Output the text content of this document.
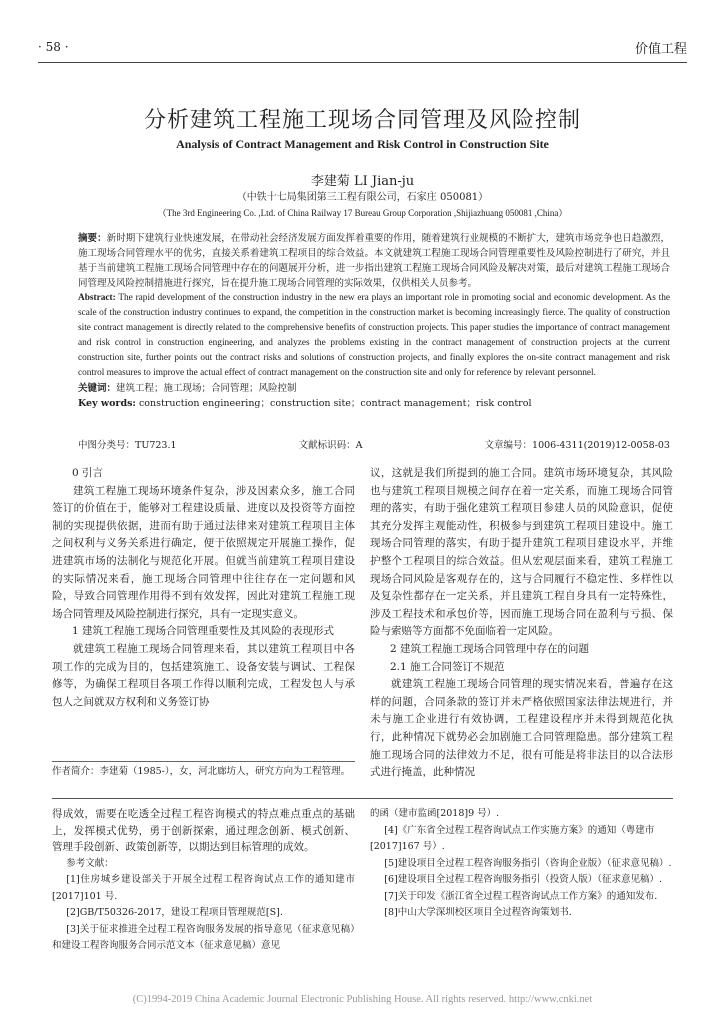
· 58 ·	价值工程
分析建筑工程施工现场合同管理及风险控制
Analysis of Contract Management and Risk Control in Construction Site
李建菊 LI Jian-ju
（中铁十七局集团第三工程有限公司，石家庄 050081）
（The 3rd Engineering Co. ,Ltd. of China Railway 17 Bureau Group Corporation ,Shijiazhuang 050081 ,China）

摘要：新时期下建筑行业快速发展，在带动社会经济发展方面发挥着重要的作用，随着建筑行业规模的不断扩大，建筑市场竞争也日趋激烈，施工现场合同管理水平的优劣，直接关系着建筑工程项目的综合效益。本文就建筑工程施工现场合同管理重要性及风险控制进行了研究，并且基于当前建筑工程施工现场合同管理中存在的问题展开分析，进一步指出建筑工程施工现场合同风险及解决对策，最后对建筑工程施工现场合同管理及风险控制措施进行探究，旨在提升施工现场合同管理的实际效果，仅供相关人员参考。

Abstract: The rapid development of the construction industry in the new era plays an important role in promoting social and economic development. As the scale of the construction industry continues to expand, the competition in the construction market is becoming increasingly fierce. The quality of construction site contract management is directly related to the comprehensive benefits of construction projects. This paper studies the importance of contract management and risk control in construction engineering, and analyzes the problems existing in the contract management of construction projects at the current construction site, further points out the contract risks and solutions of construction projects, and finally explores the on-site contract management and risk control measures to improve the actual effect of contract management on the construction site and only for reference by relevant personnel.

关键词：建筑工程；施工现场；合同管理；风险控制

Key words: construction engineering；construction site；contract management；risk control

中图分类号：TU723.1	文献标识码：A	文章编号：1006-4311(2019)12-0058-03

0 引言

建筑工程施工现场环境条件复杂，涉及因素众多，施工合同签订的价值在于，能够对工程建设质量、进度以及投资等方面控制的实现提供依据，进而有助于通过法律来对建筑工程项目主体之间权利与义务关系进行确定，便于依照规定开展施工操作，促进建筑市场的法制化与规范化开展。但就当前建筑工程项目建设的实际情况来看，施工现场合同管理中往往存在一定问题和风险，导致合同管理作用得不到有效发挥，因此对建筑工程施工现场合同管理及风险控制进行探究，具有一定现实意义。

1 建筑工程施工现场合同管理重要性及其风险的表现形式

就建筑工程施工现场合同管理来看，其以建筑工程项目中各项工作的完成为目的，包括建筑施工、设备安装与调试、工程保修等，为确保工程项目各项工作得以顺利完成，工程发包人与承包人之间就双方权利和义务签订协

作者简介：李建菊（1985-），女，河北廊坊人，研究方向为工程管理。

议，这就是我们所提到的施工合同。建筑市场环境复杂，其风险也与建筑工程项目规模之间存在着一定关系，而施工现场合同管理的落实，有助于强化建筑工程项目参建人员的风险意识，促使其充分发挥主观能动性，积极参与到建筑工程项目建设中。施工现场合同管理的落实，有助于提升建筑工程项目建设水平，并维护整个工程项目的综合效益。但从宏观层面来看，建筑工程施工现场合同风险是客观存在的，这与合同履行不稳定性、多样性以及复杂性都存在一定关系，并且建筑工程自身具有一定特殊性，涉及工程技术和承包价等，因而施工现场合同在盈利与亏损、保险与索赔等方面都不免面临着一定风险。

2 建筑工程施工现场合同管理中存在的问题

2.1 施工合同签订不规范

就建筑工程施工现场合同管理的现实情况来看，普遍存在这样的问题，合同条款的签订并未严格依照国家法律法规进行，并未与施工企业进行有效协调，工程建设程序并未得到规范化执行，此种情况下就势必会加剧施工合同管理隐患。部分建筑工程施工现场合同的法律效力不足，很有可能是将非法目的以合法形式进行掩盖，此种情况

得成效，需要在吃透全过程工程咨询模式的特点难点重点的基础上，发挥模式优势，勇于创新探索，通过理念创新、模式创新、管理手段创新、政策创新等，以期达到目标管理的成效。

参考文献：

[1]住房城乡建设部关于开展全过程工程咨询试点工作的通知建市[2017]101 号.

[2]GB/T50326-2017，建设工程项目管理规范[S].

[3]关于征求推进全过程工程咨询服务发展的指导意见（征求意见稿）和建设工程咨询服务合同示范文本（征求意见稿）意见

的函（建市监函[2018]9 号）.

[4]《广东省全过程工程咨询试点工作实施方案》的通知（粤建市[2017]167 号）.

[5]建设项目全过程工程咨询服务指引（咨询企业版）（征求意见稿）.

[6]建设项目全过程工程咨询服务指引（投资人版）（征求意见稿）.

[7]关于印发《浙江省全过程工程咨询试点工作方案》的通知发布.

[8]中山大学深圳校区项目全过程咨询策划书.

(C)1994-2019 China Academic Journal Electronic Publishing House. All rights reserved. http://www.cnki.net
